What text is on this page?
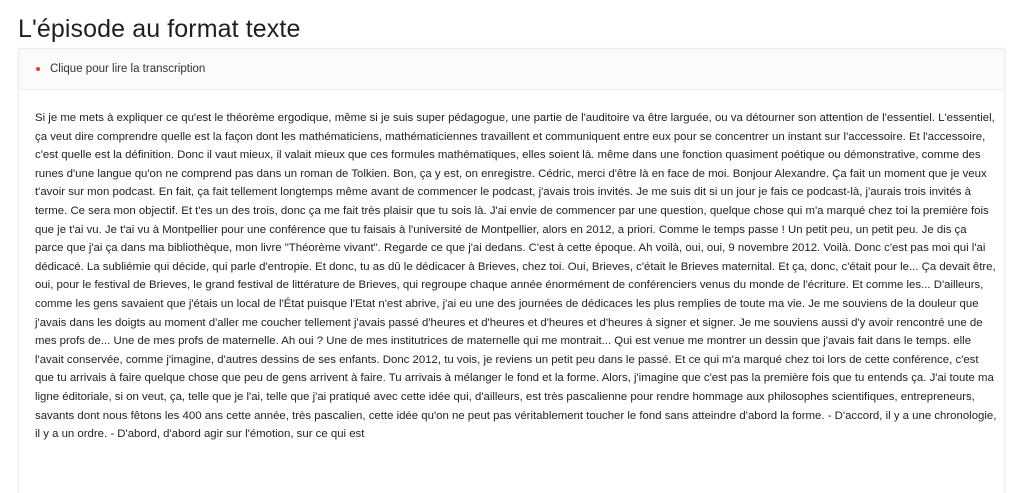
L'épisode au format texte
Clique pour lire la transcription

Si je me mets à expliquer ce qu'est le théorème ergodique, même si je suis super pédagogue, une partie de l'auditoire va être larguée, ou va détourner son attention de l'essentiel. L'essentiel, ça veut dire comprendre quelle est la façon dont les mathématiciens, mathématiciennes travaillent et communiquent entre eux pour se concentrer un instant sur l'accessoire. Et l'accessoire, c'est quelle est la définition. Donc il vaut mieux, il valait mieux que ces formules mathématiques, elles soient là. même dans une fonction quasiment poétique ou démonstrative, comme des runes d'une langue qu'on ne comprend pas dans un roman de Tolkien. Bon, ça y est, on enregistre. Cédric, merci d'être là en face de moi. Bonjour Alexandre. Ça fait un moment que je veux t'avoir sur mon podcast. En fait, ça fait tellement longtemps même avant de commencer le podcast, j'avais trois invités. Je me suis dit si un jour je fais ce podcast-là, j'aurais trois invités à terme. Ce sera mon objectif. Et t'es un des trois, donc ça me fait très plaisir que tu sois là. J'ai envie de commencer par une question, quelque chose qui m'a marqué chez toi la première fois que je t'ai vu. Je t'ai vu à Montpellier pour une conférence que tu faisais à l'université de Montpellier, alors en 2012, a priori. Comme le temps passe ! Un petit peu, un petit peu. Je dis ça parce que j'ai ça dans ma bibliothèque, mon livre "Théorème vivant". Regarde ce que j'ai dedans. C'est à cette époque. Ah voilà, oui, oui, 9 novembre 2012. Voilà. Donc c'est pas moi qui l'ai dédicacé. La subliémie qui décide, qui parle d'entropie. Et donc, tu as dû le dédicacer à Brieves, chez toi. Oui, Brieves, c'était le Brieves maternital. Et ça, donc, c'était pour le... Ça devait être, oui, pour le festival de Brieves, le grand festival de littérature de Brieves, qui regroupe chaque année énormément de conférenciers venus du monde de l'écriture. Et comme les... D'ailleurs, comme les gens savaient que j'étais un local de l'État puisque l'Etat n'est abrive, j'ai eu une des journées de dédicaces les plus remplies de toute ma vie. Je me souviens de la douleur que j'avais dans les doigts au moment d'aller me coucher tellement j'avais passé d'heures et d'heures et d'heures et d'heures à signer et signer. Je me souviens aussi d'y avoir rencontré une de mes profs de... Une de mes profs de maternelle. Ah oui ? Une de mes institutrices de maternelle qui me montrait... Qui est venue me montrer un dessin que j'avais fait dans le temps. elle l'avait conservée, comme j'imagine, d'autres dessins de ses enfants. Donc 2012, tu vois, je reviens un petit peu dans le passé. Et ce qui m'a marqué chez toi lors de cette conférence, c'est que tu arrivais à faire quelque chose que peu de gens arrivent à faire. Tu arrivais à mélanger le fond et la forme. Alors, j'imagine que c'est pas la première fois que tu entends ça. J'ai toute ma ligne éditoriale, si on veut, ça, telle que je l'ai, telle que j'ai pratiqué avec cette idée qui, d'ailleurs, est très pascalienne pour rendre hommage aux philosophes scientifiques, entrepreneurs, savants dont nous fêtons les 400 ans cette année, très pascalien, cette idée qu'on ne peut pas véritablement toucher le fond sans atteindre d'abord la forme. - D'accord, il y a une chronologie, il y a un ordre. - D'abord, d'abord agir sur l'émotion, sur ce qui est
